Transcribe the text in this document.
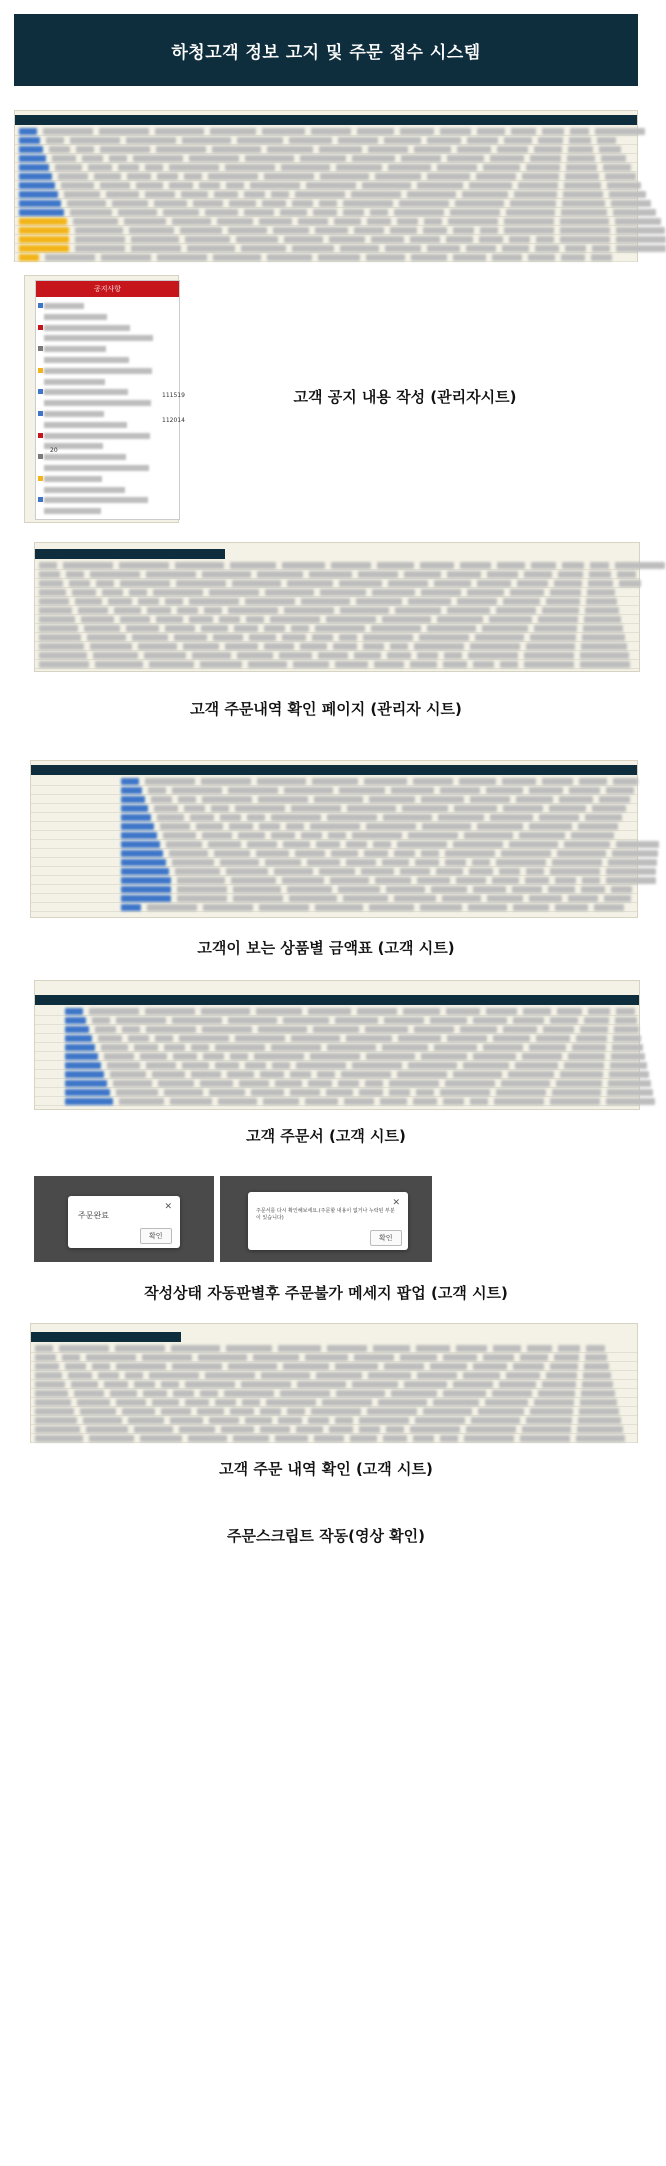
하청고객 정보 고지 및 주문 접수 시스템
공지사항
111519
112014
20
고객 공지 내용 작성 (관리자시트)
고객 주문내역 확인 페이지 (관리자 시트)
고객이 보는 상품별 금액표 (고객 시트)
고객 주문서 (고객 시트)
✕
주문완료
확인
✕
주문서를 다시 확인해보세요.(주문할 내용이 없거나 누락된 부분이 있습니다)
확인
작성상태 자동판별후 주문불가 메세지 팝업 (고객 시트)
고객 주문 내역 확인 (고객 시트)
주문스크립트 작동(영상 확인)
